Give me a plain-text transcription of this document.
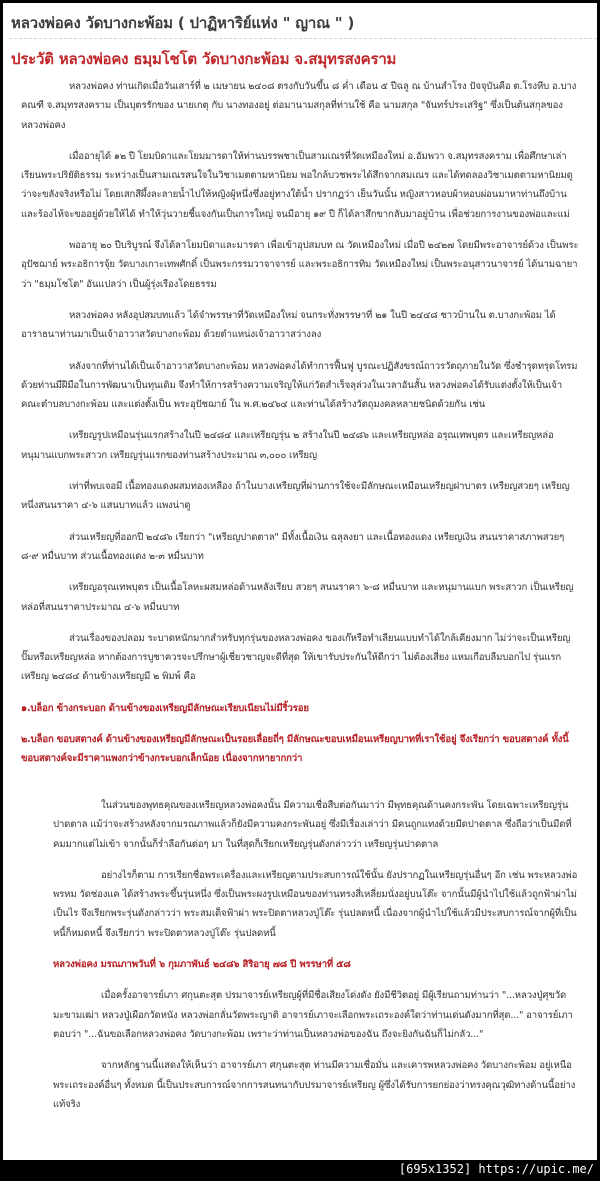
หลวงพ่อคง วัดบางกะพ้อม ( ปาฏิหาริย์แห่ง " ญาณ " )
ประวัติ หลวงพ่อคง ธมฺมโชโต วัดบางกะพ้อม จ.สมุทรสงคราม

หลวงพ่อคง ท่านเกิดเมื่อวันเสาร์ที่ ๒ เมษายน ๒๔๐๘ ตรงกับวันขึ้น ๘ ค่ำ เดือน ๕ ปีฉลู ณ บ้านสำโรง ปัจจุบันคือ ต.โรงหีบ อ.บางคณฑี จ.สมุทรสงคราม เป็นบุตรรักของ นายเกตุ กับ นางทองอยู่ ต่อมานามสกุลที่ท่านใช้ คือ นามสกุล "จันทร์ประเสริฐ" ซึ่งเป็นต้นสกุลของหลวงพ่อคง

เมื่ออายุได้ ๑๒ ปี โยมบิดาและโยมมารดาให้ท่านบรรพชาเป็นสามเณรที่วัดเหมืองใหม่ อ.อัมพวา จ.สมุทรสงคราม เพื่อศึกษาเล่าเรียนพระปริยัติธรรม ระหว่างเป็นสามเณรสนใจในวิชาเมตตามหานิยม พอใกล้บวชพระได้สึกจากสมเณร และได้ทดลองวิชาเมตตามหานิยมดูว่าจะขลังจริงหรือไม่ โดยเสกสีผึ้งละลายน้ำไปให้หญิงผู้หนึ่งซึ่งอยู่ทางใต้น้ำ ปรากฏว่า เย็นวันนั้น หญิงสาวหอบผ้าหอบผ่อนมาหาท่านถึงบ้าน และร้องไห้จะขออยู่ด้วยให้ได้ ทำให้วุ่นวายชี้แจงกันเป็นการใหญ่ จนมีอายุ ๑๙ ปี ก็ได้ลาสึกขากลับมาอยู่บ้าน เพื่อช่วยการงานของพ่อและแม่

พออายุ ๒๐ ปีบริบูรณ์ จึงได้ลาโยมบิดาและมารดา เพื่อเข้าอุปสมบท ณ วัดเหมืองใหม่ เมื่อปี ๒๔๒๗ โดยมีพระอาจารย์ด้วง เป็นพระอุปัชฌาย์ พระอธิการจุ้ย วัดบางเกาะเทพศักดิ์ เป็นพระกรรมวาจาจารย์ และพระอธิการทิม วัดเหมืองใหม่ เป็นพระอนุสาวนาจารย์ ได้นามฉายาว่า "ธมฺมโชโต" อันแปลว่า เป็นผู้รุ่งเรืองโดยธรรม

หลวงพ่อคง หลังอุปสมบทแล้ว ได้จำพรรษาที่วัดเหมืองใหม่ จนกระทั่งพรรษาที่ ๒๑ ในปี ๒๔๔๘ ชาวบ้านใน ต.บางกะพ้อม ได้อาราธนาท่านมาเป็นเจ้าอาวาสวัดบางกะพ้อม ด้วยตำแหน่งเจ้าอาวาสว่างลง

หลังจากที่ท่านได้เป็นเจ้าอาวาสวัดบางกะพ้อม หลวงพ่อคงได้ทำการฟื้นฟู บูรณะปฏิสังขรณ์ถาวรวัตถุภายในวัด ซึ่งชำรุดทรุดโทรม ด้วยท่านมีฝีมือในการพัฒนาเป็นทุนเดิม จึงทำให้การสร้างความเจริญให้แก่วัดสำเร็จลุล่วงในเวลาอันสั้น หลวงพ่อคงได้รับแต่งตั้งให้เป็นเจ้าคณะตำบลบางกะพ้อม และแต่งตั้งเป็น พระอุปัชฌาย์ ใน พ.ศ.๒๔๖๔ และท่านได้สร้างวัตถุมงคลหลายชนิดด้วยกัน เช่น

เหรียญรูปเหมือนรุ่นแรกสร้างในปี ๒๔๘๔ และเหรียญรุ่น ๒ สร้างในปี ๒๔๘๖ และเหรียญหล่อ อรุณเทพบุตร และเหรียญหล่อ หนุมานแบกพระสาวก เหรียญรุ่นแรกของท่านสร้างประมาณ ๓,๐๐๐ เหรียญ

เท่าที่พบเจอมี เนื้อทองแดงผสมทองเหลือง ถ้าในบางเหรียญที่ผ่านการใช้จะมีลักษณะเหมือนเหรียญฝาบาตร เหรียญสวยๆ เหรียญหนึ่งสนนราคา ๔-๖ แสนบาทแล้ว แพงน่าดู

ส่วนเหรียญที่ออกปี ๒๔๘๖ เรียกว่า "เหรียญปาดตาล" มีทั้งเนื้อเงิน ฉลุลงยา และเนื้อทองแดง เหรียญเงิน สนนราคาสภาพสวยๆ ๘-๙ หมื่นบาท ส่วนเนื้อทองแดง ๒-๓ หมื่นบาท

เหรียญอรุณเทพบุตร เป็นเนื้อโลหะผสมหล่อด้านหลังเรียบ สวยๆ สนนราคา ๖-๘ หมื่นบาท และหนุมานแบก พระสาวก เป็นเหรียญหล่อที่สนนราคาประมาณ ๔-๖ หมื่นบาท

ส่วนเรื่องของปลอม ระบาดหนักมากสำหรับทุกรุ่นของหลวงพ่อคง ของเก๊หรือทำเลียนแบบทำได้ใกล้เคียงมาก ไม่ว่าจะเป็นเหรียญปั๊มหรือเหรียญหล่อ หากต้องการบูชาควรจะปรึกษาผู้เชี่ยวชาญจะดีที่สุด ให้เขารับประกันให้ดีกว่า ไม่ต้องเสี่ยง แหมเกือบลืมบอกไป รุ่นแรกเหรียญ ๒๔๘๔ ด้านข้างเหรียญมี ๒ พิมพ์ คือ

๑.บล็อก ข้างกระบอก ด้านข้างของเหรียญมีลักษณะเรียบเนียนไม่มีริ้วรอย

๒.บล็อก ขอบสตางค์ ด้านข้างของเหรียญมีลักษณะเป็นรอยเลื่อยถี่ๆ มีลักษณะขอบเหมือนเหรียญบาทที่เราใช้อยู่ จึงเรียกว่า ขอบสตางค์ ทั้งนี้ ขอบสตางค์จะมีราคาแพงกว่าข้างกระบอกเล็กน้อย เนื่องจากหายากกว่า

ในส่วนของพุทธคุณของเหรียญหลวงพ่อคงนั้น มีความเชื่อสืบต่อกันมาว่า มีพุทธคุณด้านคงกระพัน โดยเฉพาะเหรียญรุ่นปาดตาล แม้ว่าจะสร้างหลังจากมรณภาพแล้วก็ยังมีความคงกระพันอยู่ ซึ่งมีเรื่องเล่าว่า มีคนถูกแทงด้วยมีดปาดตาล ซึ่งถือว่าเป็นมีดที่คมมากแต่ไม่เข้า จากนั้นก็ร่ำลือกันต่อๆ มา ในที่สุดก็เรียกเหรียญรุ่นดังกล่าวว่า เหรียญรุ่นปาดตาล

อย่างไรก็ตาม การเรียกชื่อพระเครื่องและเหรียญตามประสบการณ์ใช้นั้น ยังปรากฏในเหรียญรุ่นอื่นๆ อีก เช่น พระหลวงพ่อพรหม วัดช่องแค ได้สร้างพระขึ้นรุ่นหนึ่ง ซึ่งเป็นพระผงรูปเหมือนของท่านทรงสี่เหลี่ยมนั่งอยู่บนโต๊ะ จากนั้นมีผู้นำไปใช้แล้วถูกฟ้าผ่าไม่เป็นไร จึงเรียกพระรุ่นดังกล่าวว่า พระสมเด็จฟ้าผ่า พระปิดตาหลวงปู่โต๊ะ รุ่นปลดหนี้ เนื่องจากผู้นำไปใช้แล้วมีประสบการณ์จากผู้ที่เป็นหนี้ก็หมดหนี้ จึงเรียกว่า พระปิดตาหลวงปู่โต๊ะ รุ่นปลดหนี้

หลวงพ่อคง มรณภาพวันที่ ๖ กุมภาพันธ์ ๒๔๘๖ สิริอายุ ๗๘ ปี พรรษาที่ ๕๘

เมื่อครั้งอาจารย์เภา ศกุนตะสุต ปรมาจารย์เหรียญผู้ที่มีชื่อเสียงโด่งดัง ยังมีชีวิตอยู่ มีผู้เรียนถามท่านว่า "...หลวงปู่ศุขวัดมะขามเฒ่า หลวงปู่เผือกวัดหนัง หลวงพ่อกลั่นวัดพระญาติ อาจารย์เภาจะเลือกพระเถระองค์ใดว่าท่านเด่นดังมากที่สุด..." อาจารย์เภาตอบว่า "...ฉันขอเลือกหลวงพ่อคง วัดบางกะพ้อม เพราะว่าท่านเป็นหลวงพ่อของฉัน ถึงจะยิงกันฉันก็ไม่กลัว..."

จากหลักฐานนี้แสดงให้เห็นว่า อาจารย์เภา ศกุนตะสุต ท่านมีความเชื่อมั่น และเคารพหลวงพ่อคง วัดบางกะพ้อม อยู่เหนือพระเถระองค์อื่นๆ ทั้งหมด นี้เป็นประสบการณ์จากการสนทนากับปรมาจารย์เหรียญ ผู้ซึ่งได้รับการยกย่องว่าทรงคุณวุฒิทางด้านนี้อย่างแท้จริง

[695x1352] https://upic.me/
